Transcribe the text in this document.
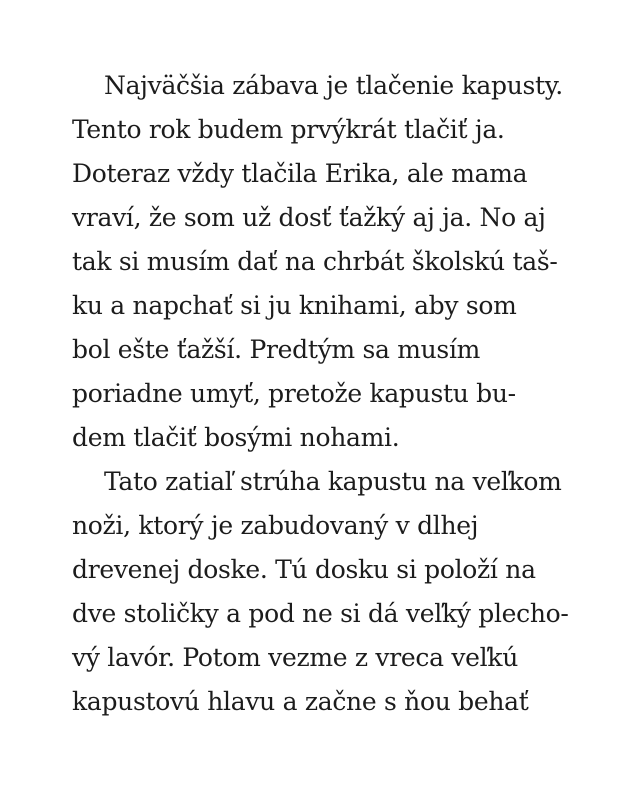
Najväčšia zábava je tlačenie kapusty.
Tento rok budem prvýkrát tlačiť ja.
Doteraz vždy tlačila Erika, ale mama
vraví, že som už dosť ťažký aj ja. No aj
tak si musím dať na chrbát školskú taš-
ku a napchať si ju knihami, aby som
bol ešte ťažší. Predtým sa musím
poriadne umyť, pretože kapustu bu-
dem tlačiť bosými nohami.

Tato zatiaľ strúha kapustu na veľkom
noži, ktorý je zabudovaný v dlhej
drevenej doske. Tú dosku si položí na
dve stoličky a pod ne si dá veľký plecho-
vý lavór. Potom vezme z vreca veľkú
kapustovú hlavu a začne s ňou behať
